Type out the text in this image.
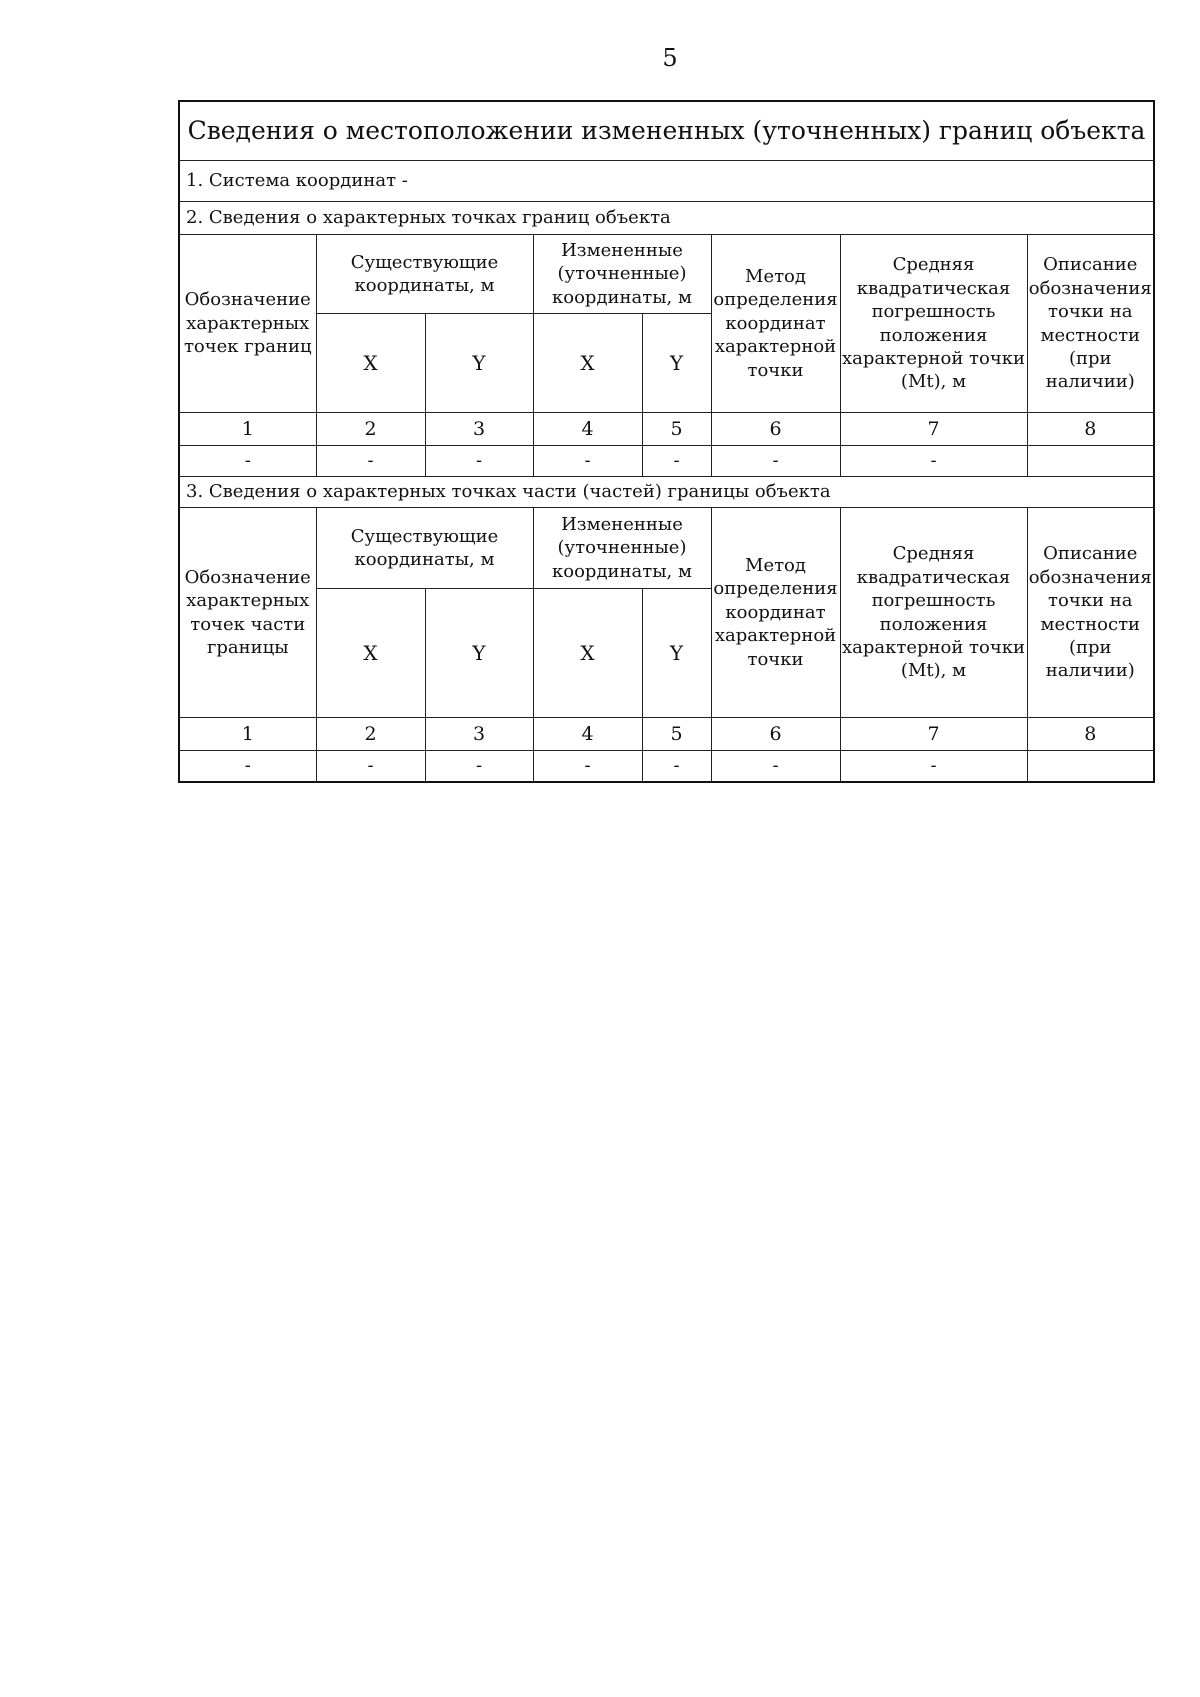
5
Сведения о местоположении измененных (уточненных) границ объекта							
1. Система координат -							
2. Сведения о характерных точках границ объекта							
Обозначение характерных точек границ	Существующие координаты, м		Измененные (уточненные) координаты, м		Метод определения координат характерной точки	Средняя квадратическая погрешность положения характерной точки (Mt), м	Описание обозначения точки на местности (при наличии)
	X	Y	X	Y			
1	2	3	4	5	6	7	8
-	-	-	-	-	-	-	
3. Сведения о характерных точках части (частей) границы объекта							
Обозначение характерных точек части границы	Существующие координаты, м		Измененные (уточненные) координаты, м		Метод определения координат характерной точки	Средняя квадратическая погрешность положения характерной точки (Mt), м	Описание обозначения точки на местности (при наличии)
	X	Y	X	Y			
1	2	3	4	5	6	7	8
-	-	-	-	-	-	-	
